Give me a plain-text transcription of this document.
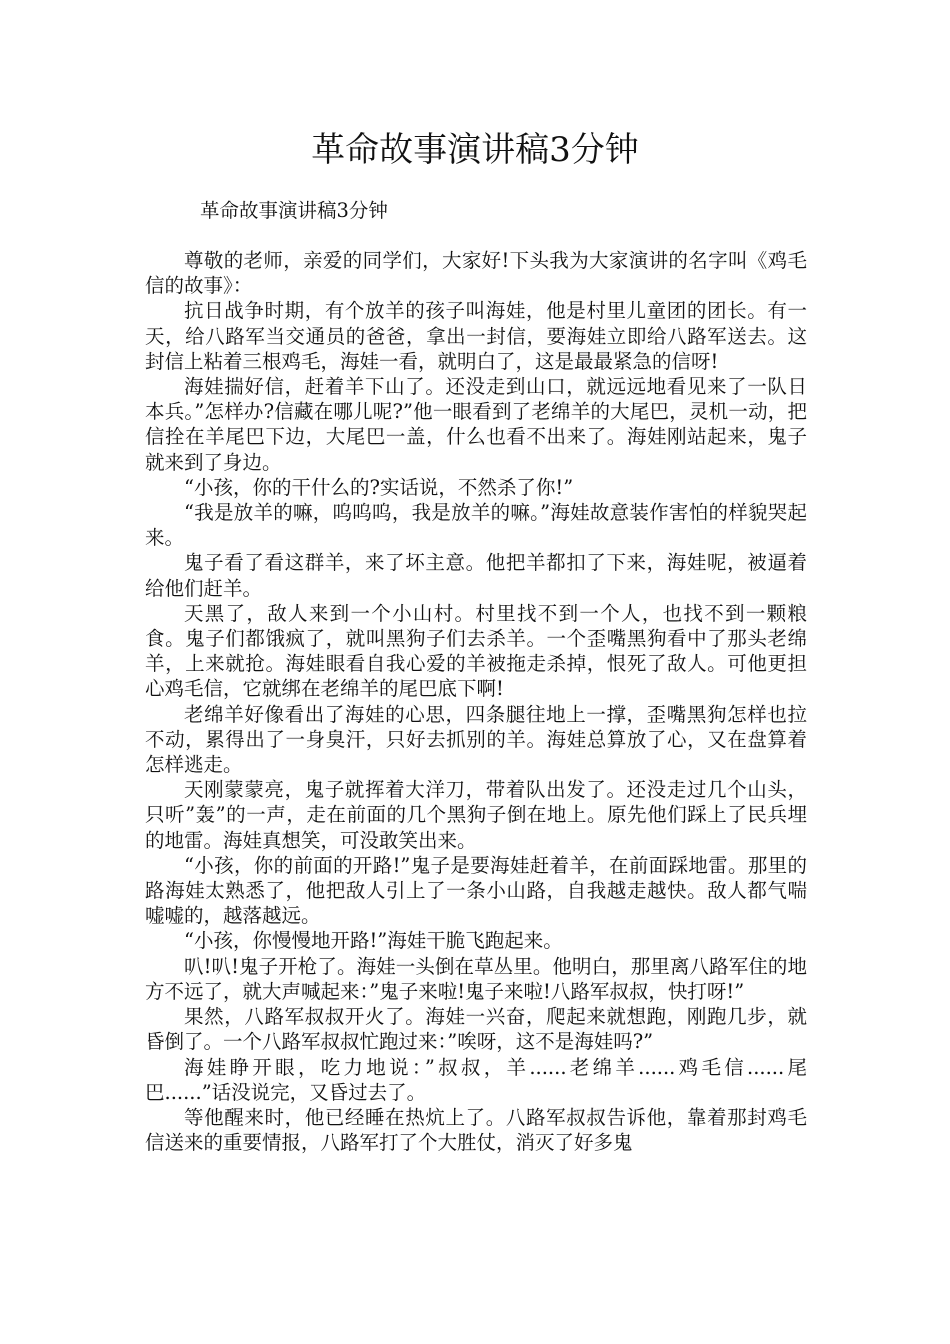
革命故事演讲稿3分钟
革命故事演讲稿3分钟

尊敬的老师，亲爱的同学们，大家好!下头我为大家演讲的名字叫《鸡毛信的故事》：

抗日战争时期，有个放羊的孩子叫海娃，他是村里儿童团的团长。有一天，给八路军当交通员的爸爸，拿出一封信，要海娃立即给八路军送去。这封信上粘着三根鸡毛，海娃一看，就明白了，这是最最紧急的信呀!

海娃揣好信，赶着羊下山了。还没走到山口，就远远地看见来了一队日本兵。”怎样办?信藏在哪儿呢?”他一眼看到了老绵羊的大尾巴，灵机一动，把信拴在羊尾巴下边，大尾巴一盖，什么也看不出来了。海娃刚站起来，鬼子就来到了身边。

“小孩，你的干什么的?实话说，不然杀了你!”

“我是放羊的嘛，呜呜呜，我是放羊的嘛。”海娃故意装作害怕的样貌哭起来。

鬼子看了看这群羊，来了坏主意。他把羊都扣了下来，海娃呢，被逼着给他们赶羊。

天黑了，敌人来到一个小山村。村里找不到一个人，也找不到一颗粮食。鬼子们都饿疯了，就叫黑狗子们去杀羊。一个歪嘴黑狗看中了那头老绵羊，上来就抢。海娃眼看自我心爱的羊被拖走杀掉，恨死了敌人。可他更担心鸡毛信，它就绑在老绵羊的尾巴底下啊!

老绵羊好像看出了海娃的心思，四条腿往地上一撑，歪嘴黑狗怎样也拉不动，累得出了一身臭汗，只好去抓别的羊。海娃总算放了心，又在盘算着怎样逃走。

天刚蒙蒙亮，鬼子就挥着大洋刀，带着队出发了。还没走过几个山头，只听”轰”的一声，走在前面的几个黑狗子倒在地上。原先他们踩上了民兵埋的地雷。海娃真想笑，可没敢笑出来。

“小孩，你的前面的开路!”鬼子是要海娃赶着羊，在前面踩地雷。那里的路海娃太熟悉了，他把敌人引上了一条小山路，自我越走越快。敌人都气喘嘘嘘的，越落越远。

“小孩，你慢慢地开路!”海娃干脆飞跑起来。

叭!叭!鬼子开枪了。海娃一头倒在草丛里。他明白，那里离八路军住的地方不远了，就大声喊起来：”鬼子来啦!鬼子来啦!八路军叔叔，快打呀!”

果然，八路军叔叔开火了。海娃一兴奋，爬起来就想跑，刚跑几步，就昏倒了。一个八路军叔叔忙跑过来：”唉呀，这不是海娃吗?”

海娃睁开眼，吃力地说：”叔叔，羊......老绵羊......鸡毛信......尾巴......”话没说完，又昏过去了。

等他醒来时，他已经睡在热炕上了。八路军叔叔告诉他，靠着那封鸡毛信送来的重要情报，八路军打了个大胜仗，消灭了好多鬼
